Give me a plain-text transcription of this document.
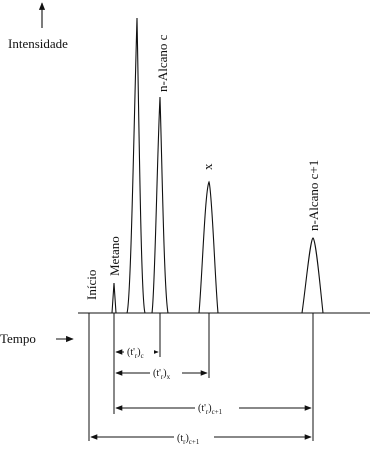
Intensidade
Início
Metano
n-Alcano c
x	n-Alcano c+1
Tempo
$(t'_r)_c$
$(t'_r)_x$
$(t'_r)_{c+1}$
$(t_r)_{c+1}$
